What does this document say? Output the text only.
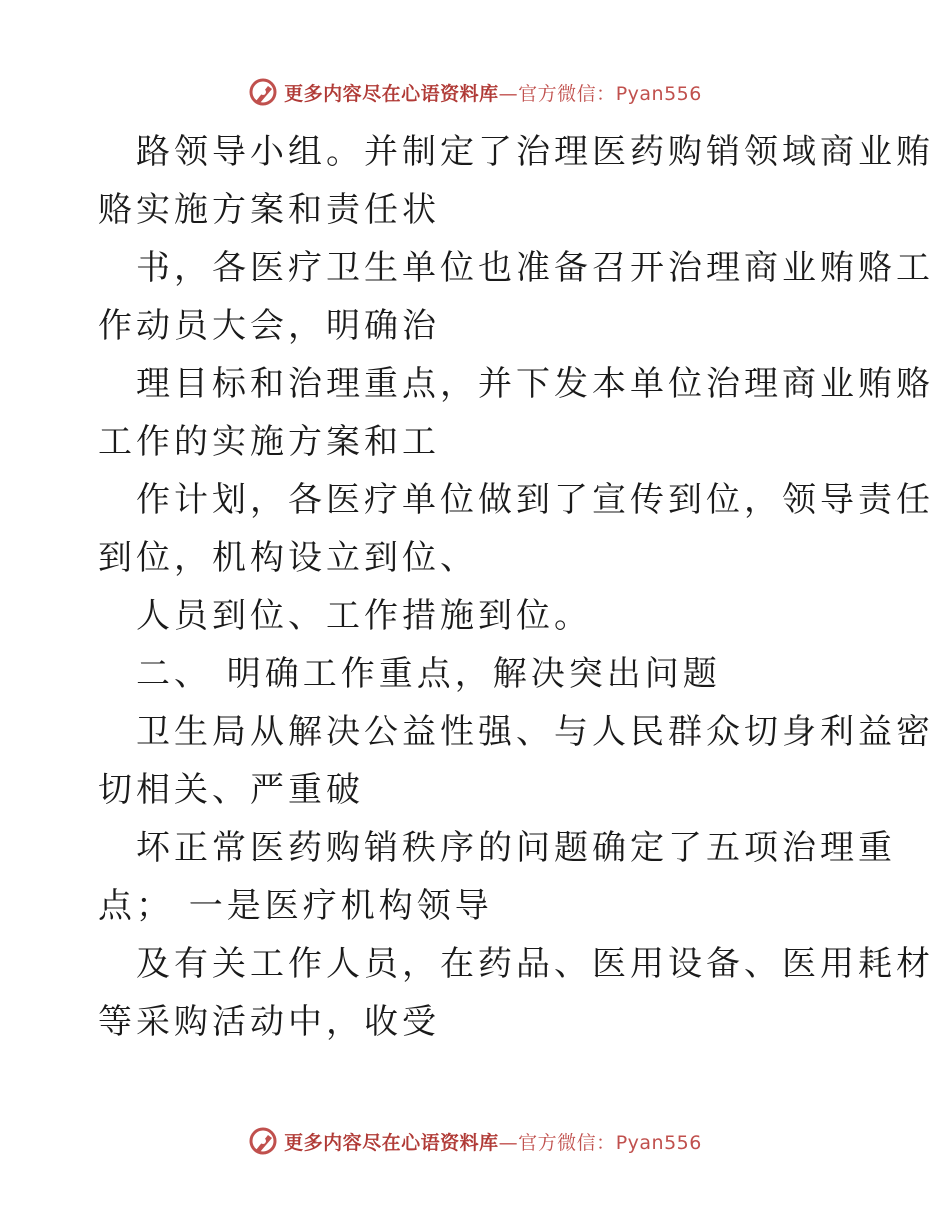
更多内容尽在心语资料库—官方微信：Pyan556
路领导小组。并制定了治理医药购销领域商业贿
赂实施方案和责任状
书，各医疗卫生单位也准备召开治理商业贿赂工
作动员大会，明确治
理目标和治理重点，并下发本单位治理商业贿赂
工作的实施方案和工
作计划，各医疗单位做到了宣传到位，领导责任
到位，机构设立到位、
人员到位、工作措施到位。
二、 明确工作重点，解决突出问题
卫生局从解决公益性强、与人民群众切身利益密
切相关、严重破
坏正常医药购销秩序的问题确定了五项治理重
点； 一是医疗机构领导
及有关工作人员，在药品、医用设备、医用耗材
等采购活动中，收受
更多内容尽在心语资料库—官方微信：Pyan556
